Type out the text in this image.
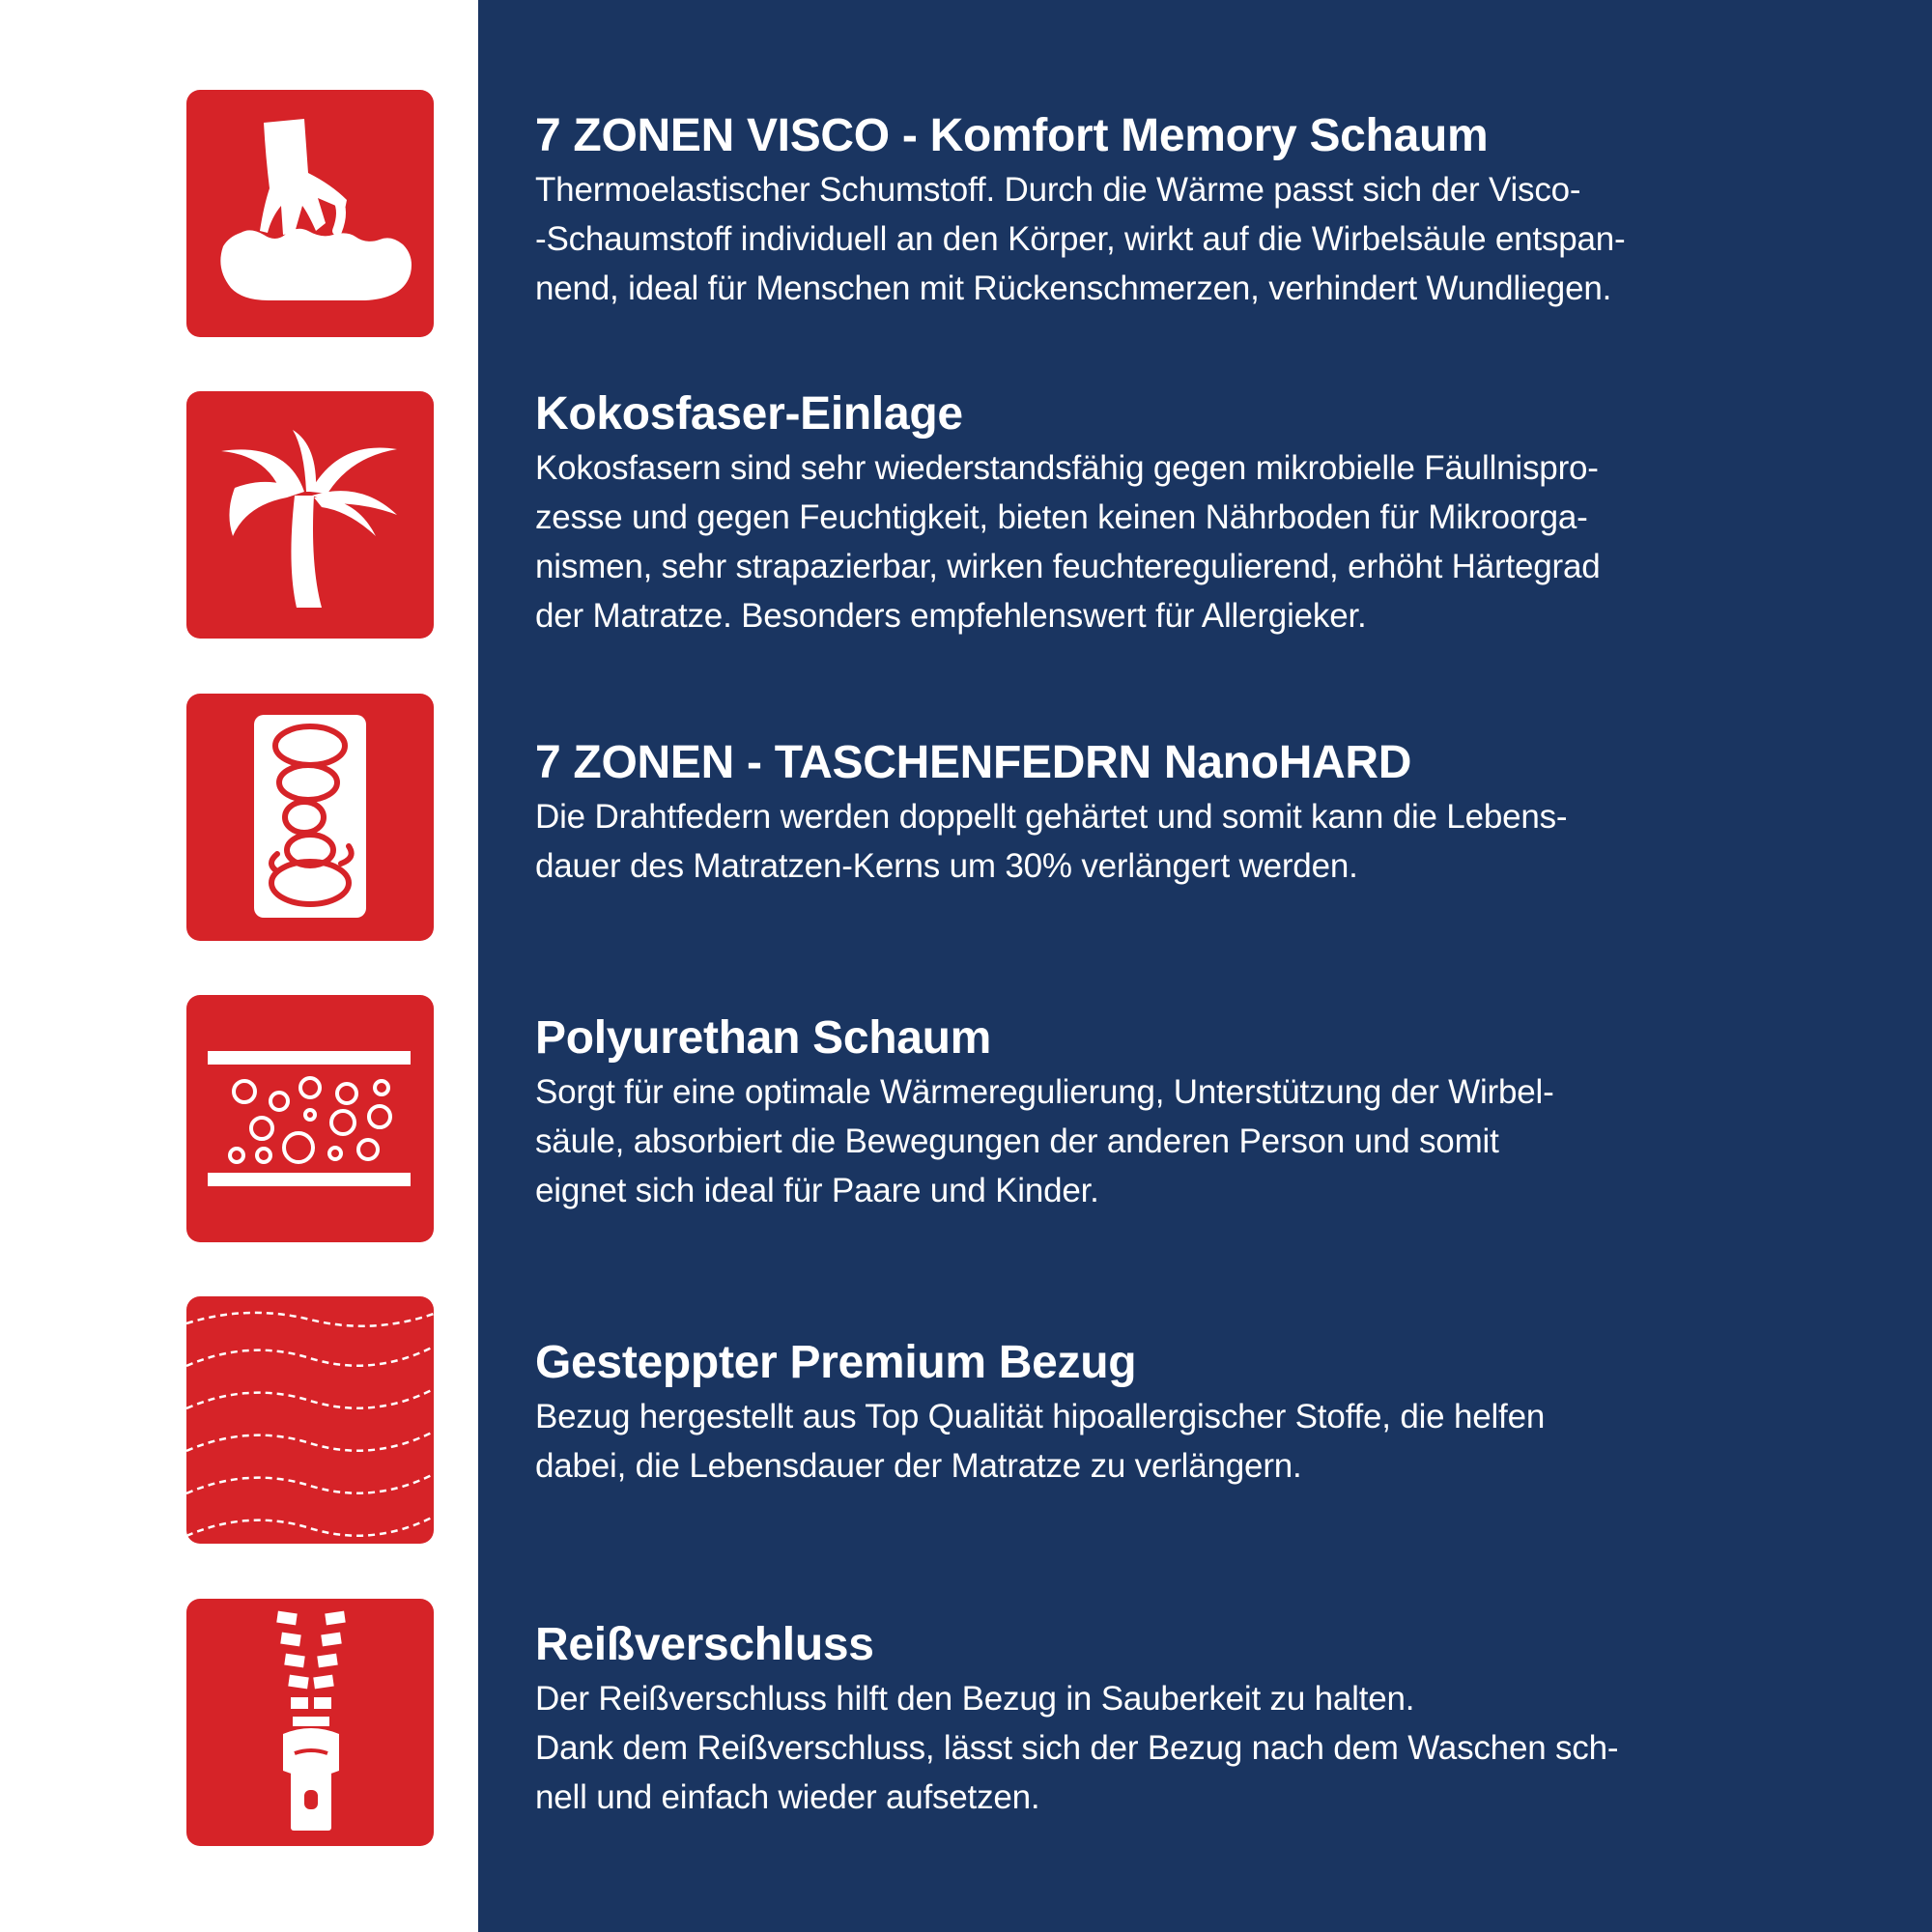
7 ZONEN VISCO - Komfort Memory Schaum

Thermoelastischer Schumstoff. Durch die Wärme passt sich der Visco-
-Schaumstoff individuell an den Körper, wirkt auf die Wirbelsäule entspan-
nend, ideal für Menschen mit Rückenschmerzen, verhindert Wundliegen.

Kokosfaser-Einlage

Kokosfasern sind sehr wiederstandsfähig gegen mikrobielle Fäullnispro-
zesse und gegen Feuchtigkeit, bieten keinen Nährboden für Mikroorga-
nismen, sehr strapazierbar, wirken feuchteregulierend, erhöht Härtegrad
der Matratze. Besonders empfehlenswert für Allergieker.

7 ZONEN - TASCHENFEDRN NanoHARD

Die Drahtfedern werden doppellt gehärtet und somit kann die Lebens-
dauer des Matratzen-Kerns um 30% verlängert werden.

Polyurethan Schaum

Sorgt für eine optimale Wärmeregulierung, Unterstützung der Wirbel-
säule, absorbiert die Bewegungen der anderen Person und somit
eignet sich ideal für Paare und Kinder.

Gesteppter Premium Bezug

Bezug hergestellt aus Top Qualität hipoallergischer Stoffe, die helfen
dabei, die Lebensdauer der Matratze zu verlängern.

Reißverschluss

Der Reißverschluss hilft den Bezug in Sauberkeit zu halten.
Dank dem Reißverschluss, lässt sich der Bezug nach dem Waschen sch-
nell und einfach wieder aufsetzen.
